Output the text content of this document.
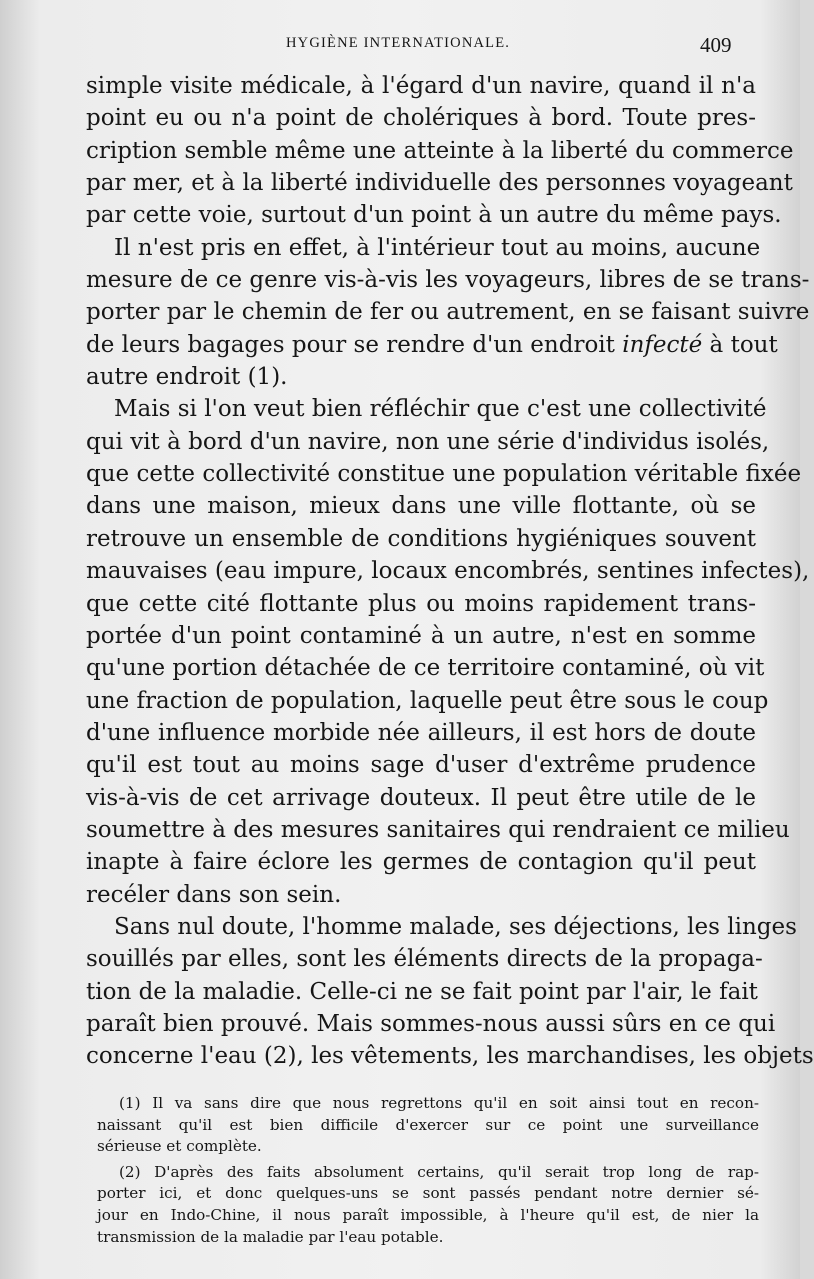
HYGIÈNE INTERNATIONALE.	409
simple visite médicale, à l'égard d'un navire, quand il n'a
point eu ou n'a point de cholériques à bord. Toute pres-
cription semble même une atteinte à la liberté du commerce
par mer, et à la liberté individuelle des personnes voyageant
par cette voie, surtout d'un point à un autre du même pays.
Il n'est pris en effet, à l'intérieur tout au moins, aucune
mesure de ce genre vis-à-vis les voyageurs, libres de se trans-
porter par le chemin de fer ou autrement, en se faisant suivre
de leurs bagages pour se rendre d'un endroit infecté à tout
autre endroit (1).
Mais si l'on veut bien réfléchir que c'est une collectivité
qui vit à bord d'un navire, non une série d'individus isolés,
que cette collectivité constitue une population véritable fixée
dans une maison, mieux dans une ville flottante, où se
retrouve un ensemble de conditions hygiéniques souvent
mauvaises (eau impure, locaux encombrés, sentines infectes),
que cette cité flottante plus ou moins rapidement trans-
portée d'un point contaminé à un autre, n'est en somme
qu'une portion détachée de ce territoire contaminé, où vit
une fraction de population, laquelle peut être sous le coup
d'une influence morbide née ailleurs, il est hors de doute
qu'il est tout au moins sage d'user d'extrême prudence
vis-à-vis de cet arrivage douteux. Il peut être utile de le
soumettre à des mesures sanitaires qui rendraient ce milieu
inapte à faire éclore les germes de contagion qu'il peut
recéler dans son sein.
Sans nul doute, l'homme malade, ses déjections, les linges
souillés par elles, sont les éléments directs de la propaga-
tion de la maladie. Celle-ci ne se fait point par l'air, le fait
paraît bien prouvé. Mais sommes-nous aussi sûrs en ce qui
concerne l'eau (2), les vêtements, les marchandises, les objets
(1) Il va sans dire que nous regrettons qu'il en soit ainsi tout en recon-
naissant qu'il est bien difficile d'exercer sur ce point une surveillance
sérieuse et complète.
(2) D'après des faits absolument certains, qu'il serait trop long de rap-
porter ici, et donc quelques-uns se sont passés pendant notre dernier sé-
jour en Indo-Chine, il nous paraît impossible, à l'heure qu'il est, de nier la
transmission de la maladie par l'eau potable.
